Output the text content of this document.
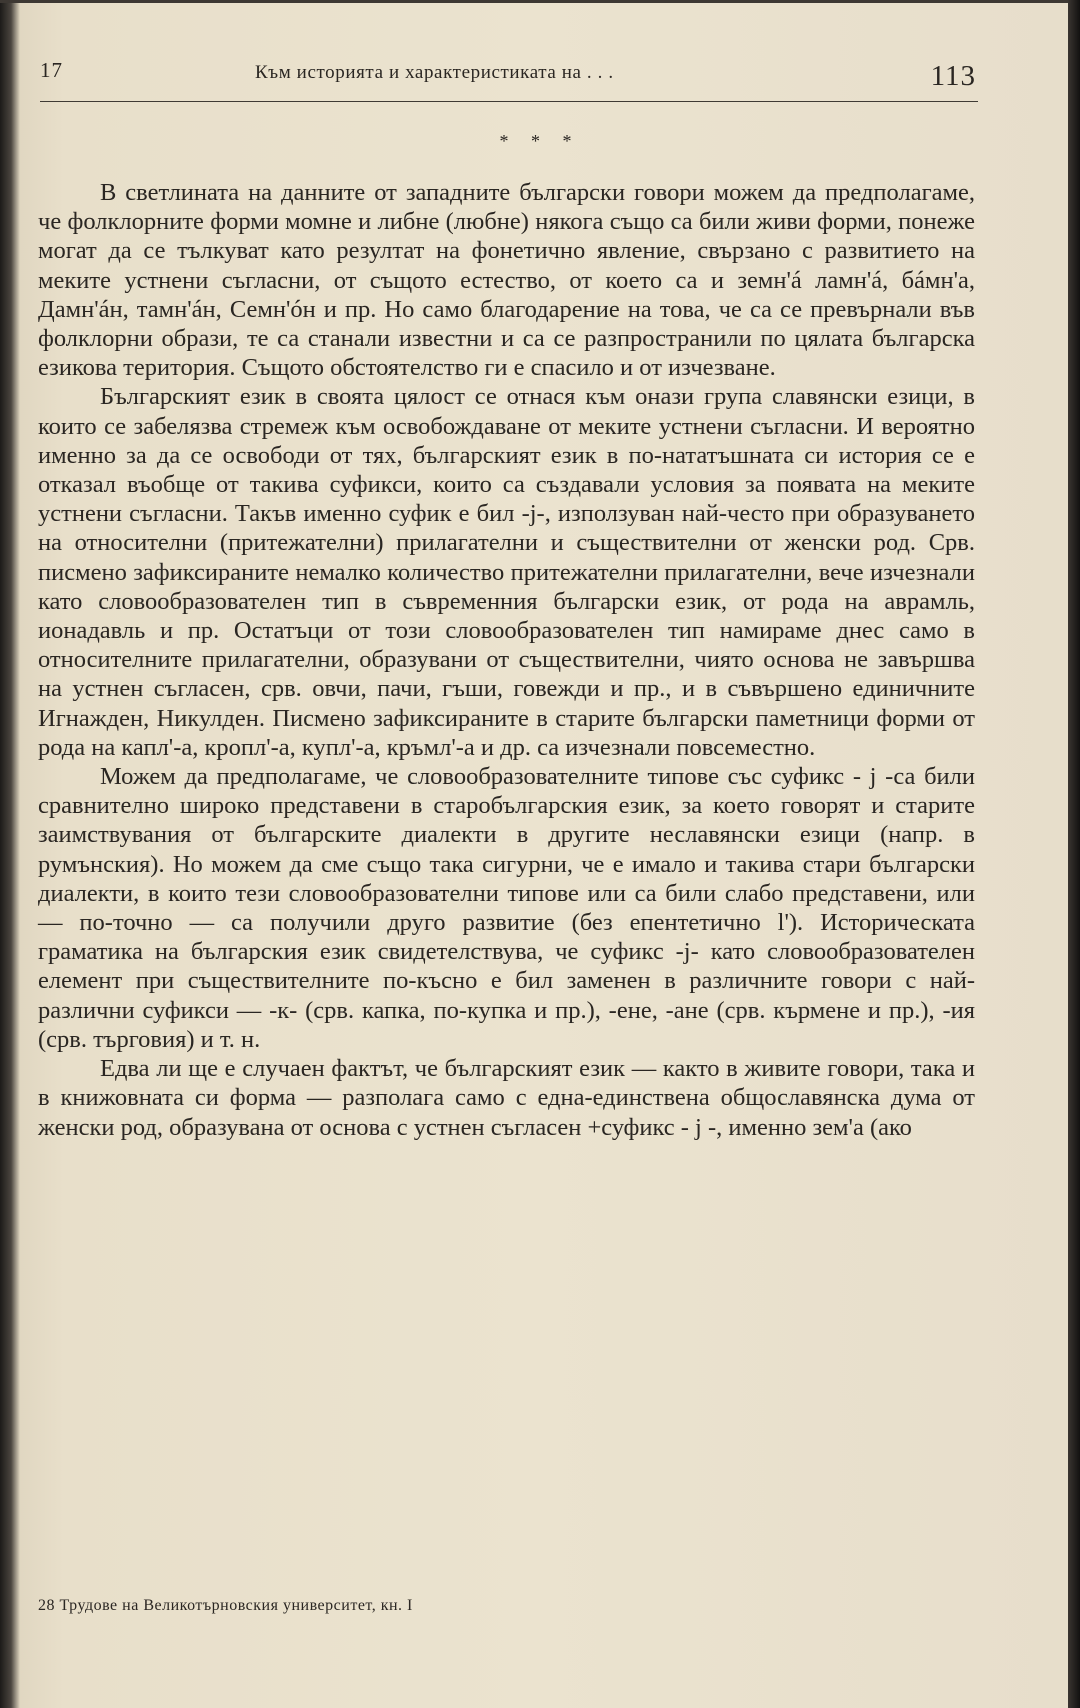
17	Към историята и характеристиката на . . .	113
* * *

В светлината на данните от западните български говори можем да предполагаме, че фолклорните форми момне и либне (любне) някога също са били живи форми, понеже могат да се тълкуват като резултат на фонетично явление, свързано с развитието на меките устнени съгласни, от същото естество, от което са и земн'á ламн'á, бáмн'а, Дамн'áн, тамн'áн, Семн'óн и пр. Но само благодарение на това, че са се превърнали във фолклорни образи, те са станали известни и са се разпространили по цялата българска езикова територия. Същото обстоятелство ги е спасило и от изчезване.

Българският език в своята цялост се отнася към онази група славянски езици, в които се забелязва стремеж към освобождаване от меките устнени съгласни. И вероятно именно за да се освободи от тях, българският език в по-нататъшната си история се е отказал въобще от такива суфикси, които са създавали условия за появата на меките устнени съгласни. Такъв именно суфик е бил -j-, използуван най-често при образуването на относителни (притежателни) прилагателни и съществителни от женски род. Срв. писмено зафиксираните немалко количество притежателни прилагателни, вече изчезнали като словообразователен тип в съвременния български език, от рода на аврамль, ионадавль и пр. Остатъци от този словообразователен тип намираме днес само в относителните прилагателни, образувани от съществителни, чиято основа не завършва на устнен съгласен, срв. овчи, пачи, гъши, говежди и пр., и в съвършено единичните Игнажден, Никулден. Писмено зафиксираните в старите български паметници форми от рода на капл'-а, кропл'-а, купл'-а, кръмл'-а и др. са изчезнали повсеместно.

Можем да предполагаме, че словообразователните типове със суфикс - j -са били сравнително широко представени в старобългарския език, за което говорят и старите заимствувания от българските диалекти в другите неславянски езици (напр. в румънския). Но можем да сме също така сигурни, че е имало и такива стари български диалекти, в които тези словообразователни типове или са били слабо представени, или — по-точно — са получили друго развитие (без епентетично l'). Историческата граматика на българския език свидетелствува, че суфикс -j- като словообразователен елемент при съществителните по-късно е бил заменен в различните говори с най-различни суфикси — -к- (срв. капка, по-купка и пр.), -ене, -ане (срв. кърмене и пр.), -ия (срв. търговия) и т. н.

Едва ли ще е случаен фактът, че българският език — както в живите говори, така и в книжовната си форма — разполага само с една-единствена общославянска дума от женски род, образувана от основа с устнен съгласен +суфикс - j -, именно зем'а (ако

28 Трудове на Великотърновския университет, кн. I
